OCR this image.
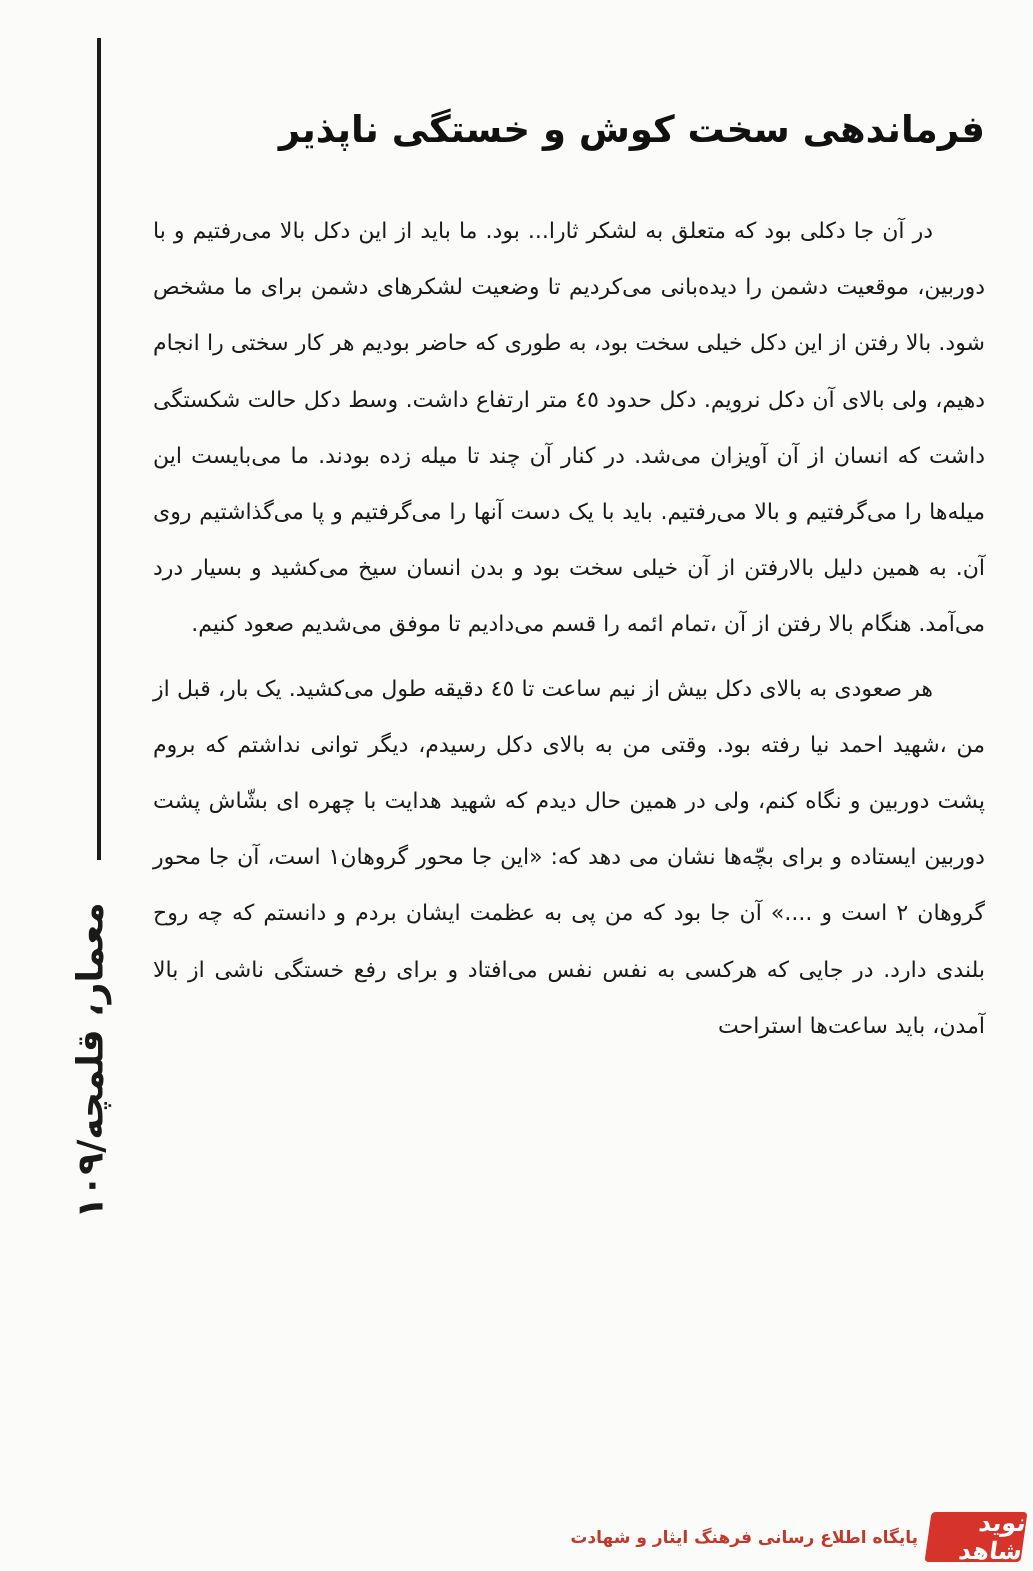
معمار، قلمچه/۱۰۹
فرماندهی سخت کوش و خستگی ناپذیر

در آن جا دکلی بود که متعلق به لشکر ثارا... بود. ما باید از این دکل بالا می‌رفتیم و با دوربین، موقعیت دشمن را دیده‌بانی می‌کردیم تا وضعیت لشکرهای دشمن برای ما مشخص شود. بالا رفتن از این دکل خیلی سخت بود، به طوری که حاضر بودیم هر کار سختی را انجام دهیم، ولی بالای آن دکل نرویم. دکل حدود ٤٥ متر ارتفاع داشت. وسط دکل حالت شکستگی داشت که انسان از آن آویزان می‌شد. در کنار آن چند تا میله زده بودند. ما می‌بایست این میله‌ها را می‌گرفتیم و بالا می‌رفتیم. باید با یک دست آنها را می‌گرفتیم و پا می‌گذاشتیم روی آن. به همین دلیل بالارفتن از آن خیلی سخت بود و بدن انسان سیخ می‌کشید و بسیار درد می‌آمد. هنگام بالا رفتن از آن ،تمام ائمه را قسم می‌دادیم تا موفق می‌شدیم صعود کنیم.

هر صعودی به بالای دکل بیش از نیم ساعت تا ٤٥ دقیقه طول می‌کشید. یک بار، قبل از من ،شهید احمد نیا رفته بود. وقتی من به بالای دکل رسیدم، دیگر توانی نداشتم که بروم پشت دوربین و نگاه کنم، ولی در همین حال دیدم که شهید هدایت با چهره ای بشّاش پشت دوربین ایستاده و برای بچّه‌ها نشان می دهد که: «این جا محور گروهان١ است، آن جا محور گروهان ٢ است و ....» آن جا بود که من پی به عظمت ایشان بردم و دانستم که چه روح بلندی دارد. در جایی که هرکسی به نفس نفس می‌افتاد و برای رفع خستگی ناشی از بالا آمدن، باید ساعت‌ها استراحت

نوید شاهد
پایگاه اطلاع رسانی فرهنگ ایثار و شهادت
